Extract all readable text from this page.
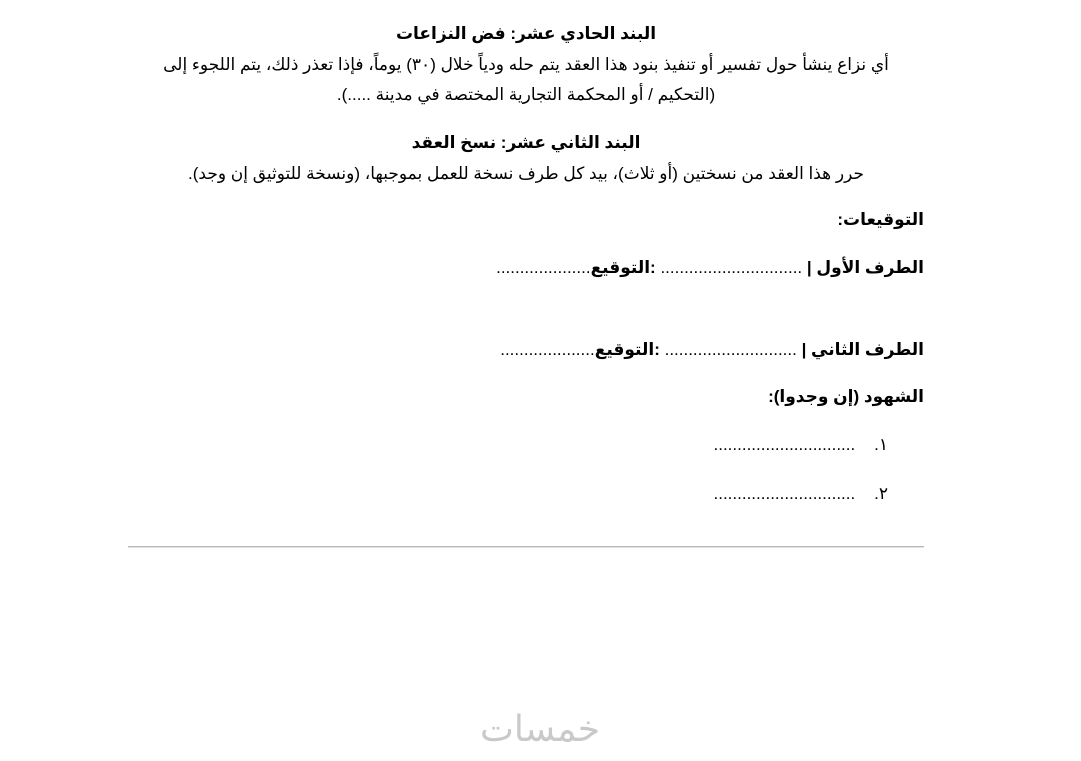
البند الحادي عشر: فض النزاعات
أي نزاع ينشأ حول تفسير أو تنفيذ بنود هذا العقد يتم حله ودياً خلال (٣٠) يوماً، فإذا تعذر ذلك، يتم اللجوء إلى
(التحكيم / أو المحكمة التجارية المختصة في مدينة .....).
البند الثاني عشر: نسخ العقد
حرر هذا العقد من نسختين (أو ثلاث)، بيد كل طرف نسخة للعمل بموجبها، (ونسخة للتوثيق إن وجد).
التوقيعات:
الطرف الأول | .............................. :التوقيع....................
الطرف الثاني | ............................ :التوقيع....................
الشهود (إن وجدوا):
١.    ..............................
٢.    ..............................
خمسات
